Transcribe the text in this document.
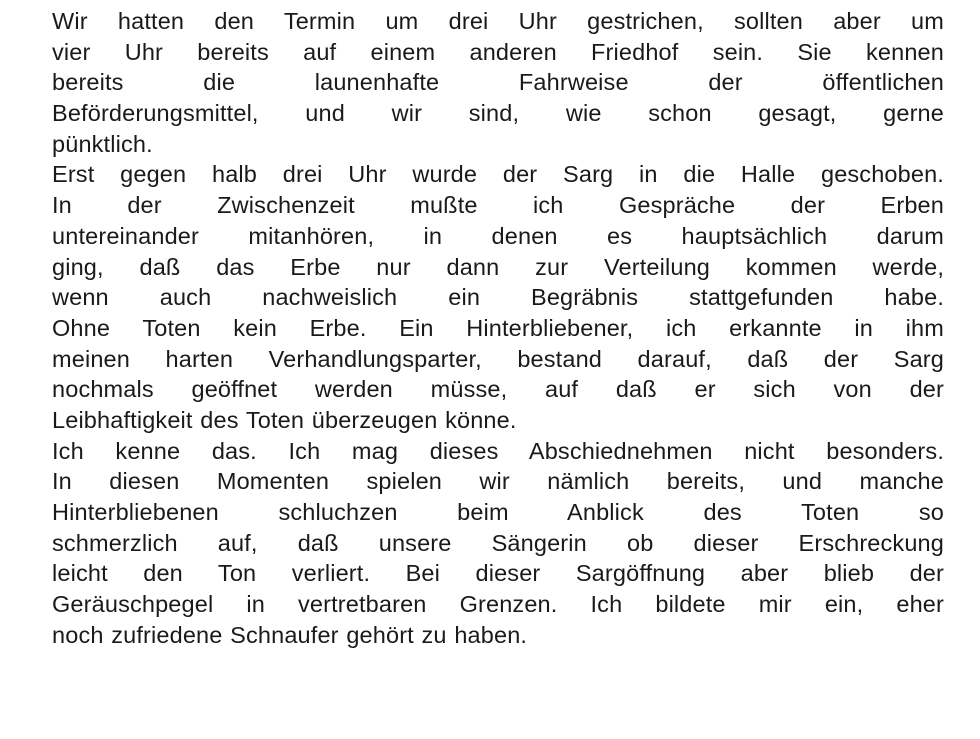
Wir hatten den Termin um drei Uhr gestrichen, sollten aber um
vier Uhr bereits auf einem anderen Friedhof sein. Sie kennen
bereits die launenhafte Fahrweise der öffentlichen
Beförderungsmittel, und wir sind, wie schon gesagt, gerne
pünktlich.
Erst gegen halb drei Uhr wurde der Sarg in die Halle geschoben.
In der Zwischenzeit mußte ich Gespräche der Erben
untereinander mitanhören, in denen es hauptsächlich darum
ging, daß das Erbe nur dann zur Verteilung kommen werde,
wenn auch nachweislich ein Begräbnis stattgefunden habe.
Ohne Toten kein Erbe. Ein Hinterbliebener, ich erkannte in ihm
meinen harten Verhandlungsparter, bestand darauf, daß der Sarg
nochmals geöffnet werden müsse, auf daß er sich von der
Leibhaftigkeit des Toten überzeugen könne.
Ich kenne das. Ich mag dieses Abschiednehmen nicht besonders.
In diesen Momenten spielen wir nämlich bereits, und manche
Hinterbliebenen schluchzen beim Anblick des Toten so
schmerzlich auf, daß unsere Sängerin ob dieser Erschreckung
leicht den Ton verliert. Bei dieser Sargöffnung aber blieb der
Geräuschpegel in vertretbaren Grenzen. Ich bildete mir ein, eher
noch zufriedene Schnaufer gehört zu haben.
